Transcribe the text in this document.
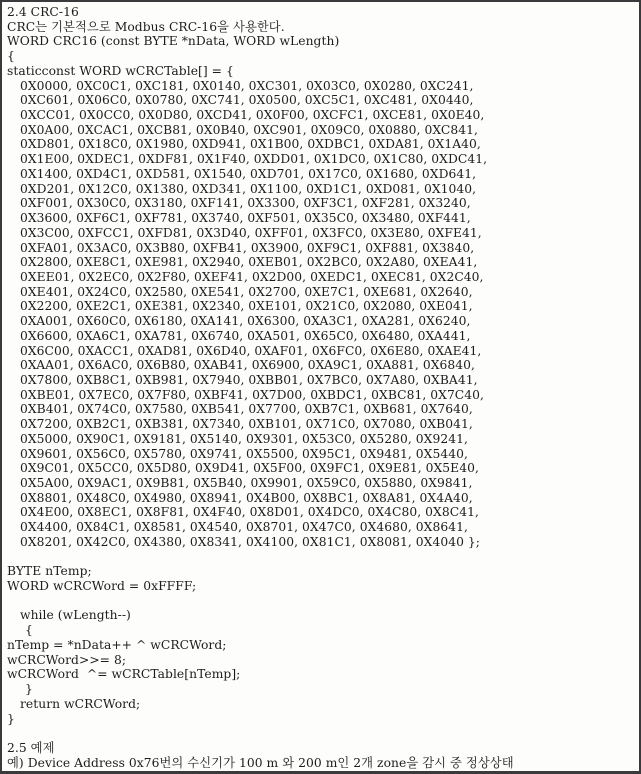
2.4 CRC-16
CRC는 기본적으로 Modbus CRC-16을 사용한다.
WORD CRC16 (const BYTE *nData, WORD wLength)
{
staticconst WORD wCRCTable[] = {
0X0000, 0XC0C1, 0XC181, 0X0140, 0XC301, 0X03C0, 0X0280, 0XC241,
0XC601, 0X06C0, 0X0780, 0XC741, 0X0500, 0XC5C1, 0XC481, 0X0440,
0XCC01, 0X0CC0, 0X0D80, 0XCD41, 0X0F00, 0XCFC1, 0XCE81, 0X0E40,
0X0A00, 0XCAC1, 0XCB81, 0X0B40, 0XC901, 0X09C0, 0X0880, 0XC841,
0XD801, 0X18C0, 0X1980, 0XD941, 0X1B00, 0XDBC1, 0XDA81, 0X1A40,
0X1E00, 0XDEC1, 0XDF81, 0X1F40, 0XDD01, 0X1DC0, 0X1C80, 0XDC41,
0X1400, 0XD4C1, 0XD581, 0X1540, 0XD701, 0X17C0, 0X1680, 0XD641,
0XD201, 0X12C0, 0X1380, 0XD341, 0X1100, 0XD1C1, 0XD081, 0X1040,
0XF001, 0X30C0, 0X3180, 0XF141, 0X3300, 0XF3C1, 0XF281, 0X3240,
0X3600, 0XF6C1, 0XF781, 0X3740, 0XF501, 0X35C0, 0X3480, 0XF441,
0X3C00, 0XFCC1, 0XFD81, 0X3D40, 0XFF01, 0X3FC0, 0X3E80, 0XFE41,
0XFA01, 0X3AC0, 0X3B80, 0XFB41, 0X3900, 0XF9C1, 0XF881, 0X3840,
0X2800, 0XE8C1, 0XE981, 0X2940, 0XEB01, 0X2BC0, 0X2A80, 0XEA41,
0XEE01, 0X2EC0, 0X2F80, 0XEF41, 0X2D00, 0XEDC1, 0XEC81, 0X2C40,
0XE401, 0X24C0, 0X2580, 0XE541, 0X2700, 0XE7C1, 0XE681, 0X2640,
0X2200, 0XE2C1, 0XE381, 0X2340, 0XE101, 0X21C0, 0X2080, 0XE041,
0XA001, 0X60C0, 0X6180, 0XA141, 0X6300, 0XA3C1, 0XA281, 0X6240,
0X6600, 0XA6C1, 0XA781, 0X6740, 0XA501, 0X65C0, 0X6480, 0XA441,
0X6C00, 0XACC1, 0XAD81, 0X6D40, 0XAF01, 0X6FC0, 0X6E80, 0XAE41,
0XAA01, 0X6AC0, 0X6B80, 0XAB41, 0X6900, 0XA9C1, 0XA881, 0X6840,
0X7800, 0XB8C1, 0XB981, 0X7940, 0XBB01, 0X7BC0, 0X7A80, 0XBA41,
0XBE01, 0X7EC0, 0X7F80, 0XBF41, 0X7D00, 0XBDC1, 0XBC81, 0X7C40,
0XB401, 0X74C0, 0X7580, 0XB541, 0X7700, 0XB7C1, 0XB681, 0X7640,
0X7200, 0XB2C1, 0XB381, 0X7340, 0XB101, 0X71C0, 0X7080, 0XB041,
0X5000, 0X90C1, 0X9181, 0X5140, 0X9301, 0X53C0, 0X5280, 0X9241,
0X9601, 0X56C0, 0X5780, 0X9741, 0X5500, 0X95C1, 0X9481, 0X5440,
0X9C01, 0X5CC0, 0X5D80, 0X9D41, 0X5F00, 0X9FC1, 0X9E81, 0X5E40,
0X5A00, 0X9AC1, 0X9B81, 0X5B40, 0X9901, 0X59C0, 0X5880, 0X9841,
0X8801, 0X48C0, 0X4980, 0X8941, 0X4B00, 0X8BC1, 0X8A81, 0X4A40,
0X4E00, 0X8EC1, 0X8F81, 0X4F40, 0X8D01, 0X4DC0, 0X4C80, 0X8C41,
0X4400, 0X84C1, 0X8581, 0X4540, 0X8701, 0X47C0, 0X4680, 0X8641,
0X8201, 0X42C0, 0X4380, 0X8341, 0X4100, 0X81C1, 0X8081, 0X4040 };
BYTE nTemp;
WORD wCRCWord = 0xFFFF;
while (wLength--)
{
nTemp = *nData++ ^ wCRCWord;
wCRCWord>>= 8;
wCRCWord  ^= wCRCTable[nTemp];
}
return wCRCWord;
}
2.5 예제
예) Device Address 0x76번의 수신기가 100 m 와 200 m인 2개 zone을 감시 중 정상상태
